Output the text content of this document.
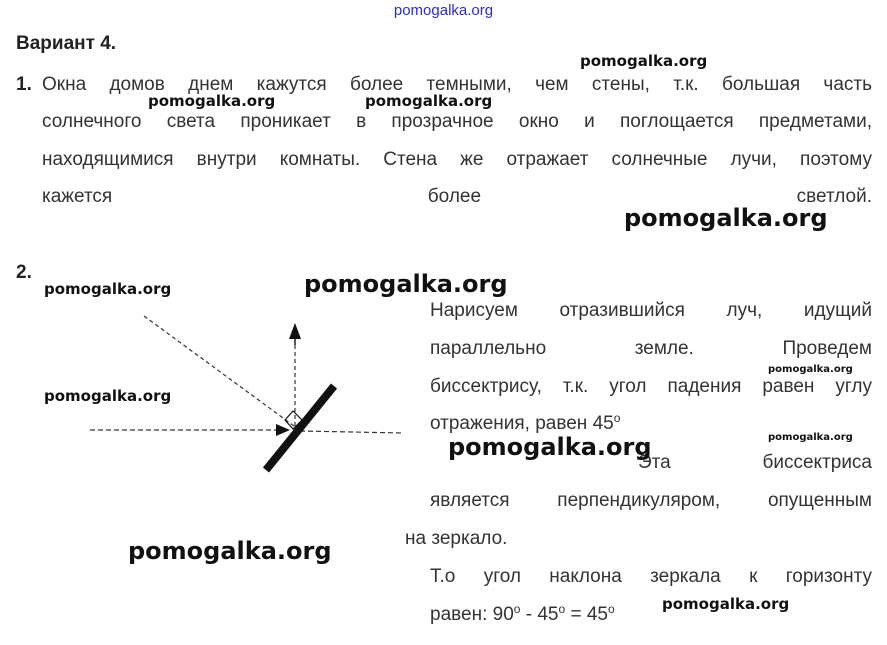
pomogalka.org
Вариант 4.
1. Окна домов днем кажутся более темными, чем стены, т.к. большая часть
солнечного света проникает в прозрачное окно и поглощается предметами,
находящимися внутри комнаты. Стена же отражает солнечные лучи, поэтому
кажется более светлой.
2.
Нарисуем отразившийся луч, идущий
параллельно земле. Проведем
биссектрису, т.к. угол падения равен углу
отражения, равен 45$^o$
Эта биссектриса
является перпендикуляром, опущенным
на зеркало.
Т.о угол наклона зеркала к горизонту
равен: $90^o - 45^o = 45^o$
pomogalka.org
pomogalka.org	pomogalka.org
pomogalka.org
pomogalka.org	pomogalka.org
pomogalka.org
pomogalka.org
pomogalka.org
pomogalka.org
pomogalka.org
pomogalka.org
